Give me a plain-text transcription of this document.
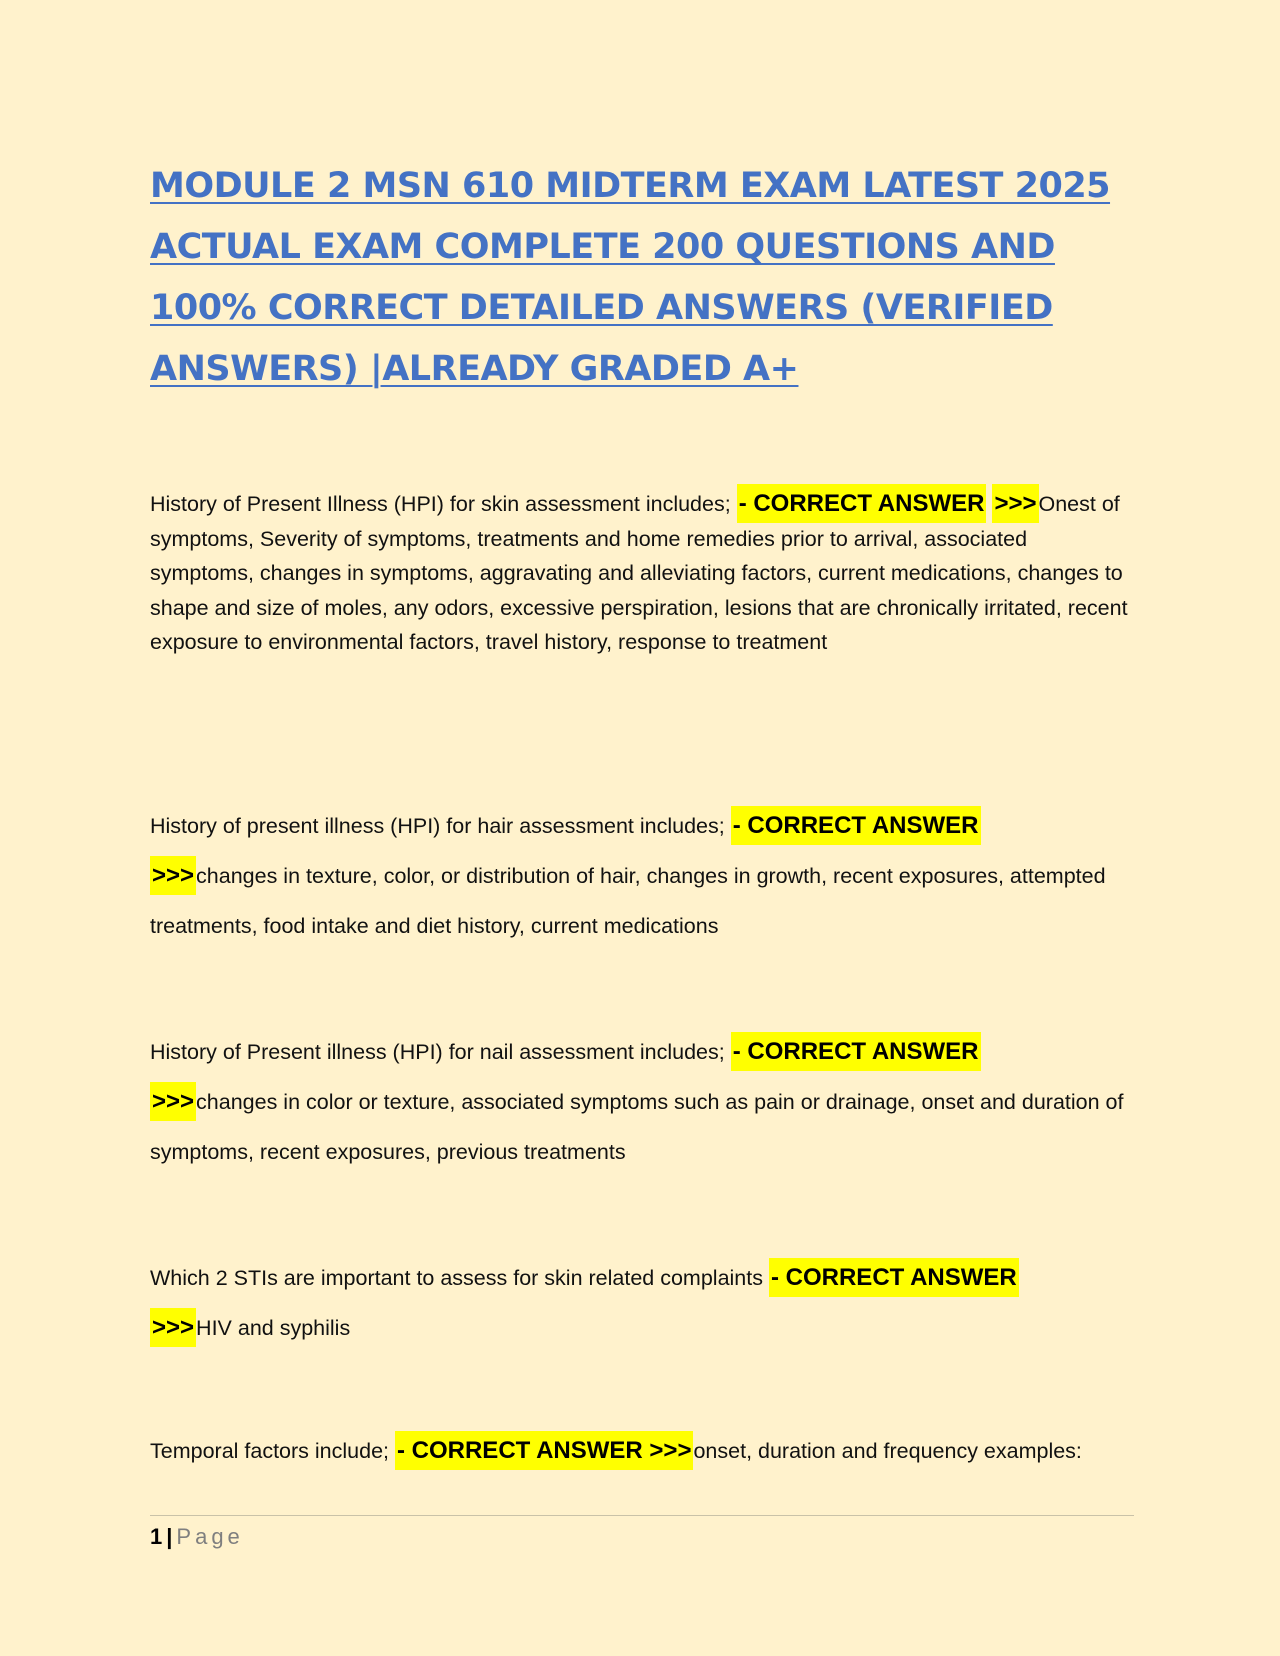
MODULE 2 MSN 610 MIDTERM EXAM LATEST 2025 ACTUAL EXAM COMPLETE 200 QUESTIONS AND 100% CORRECT DETAILED ANSWERS (VERIFIED ANSWERS) |ALREADY GRADED A+

History of Present Illness (HPI) for skin assessment includes; - CORRECT ANSWER >>>Onest of symptoms, Severity of symptoms, treatments and home remedies prior to arrival, associated symptoms, changes in symptoms, aggravating and alleviating factors, current medications, changes to shape and size of moles, any odors, excessive perspiration, lesions that are chronically irritated, recent exposure to environmental factors, travel history, response to treatment

History of present illness (HPI) for hair assessment includes; - CORRECT ANSWER
>>>changes in texture, color, or distribution of hair, changes in growth, recent exposures, attempted treatments, food intake and diet history, current medications

History of Present illness (HPI) for nail assessment includes; - CORRECT ANSWER
>>>changes in color or texture, associated symptoms such as pain or drainage, onset and duration of symptoms, recent exposures, previous treatments

Which 2 STIs are important to assess for skin related complaints - CORRECT ANSWER
>>>HIV and syphilis

Temporal factors include; - CORRECT ANSWER >>>onset, duration and frequency examples:

1 | Page
